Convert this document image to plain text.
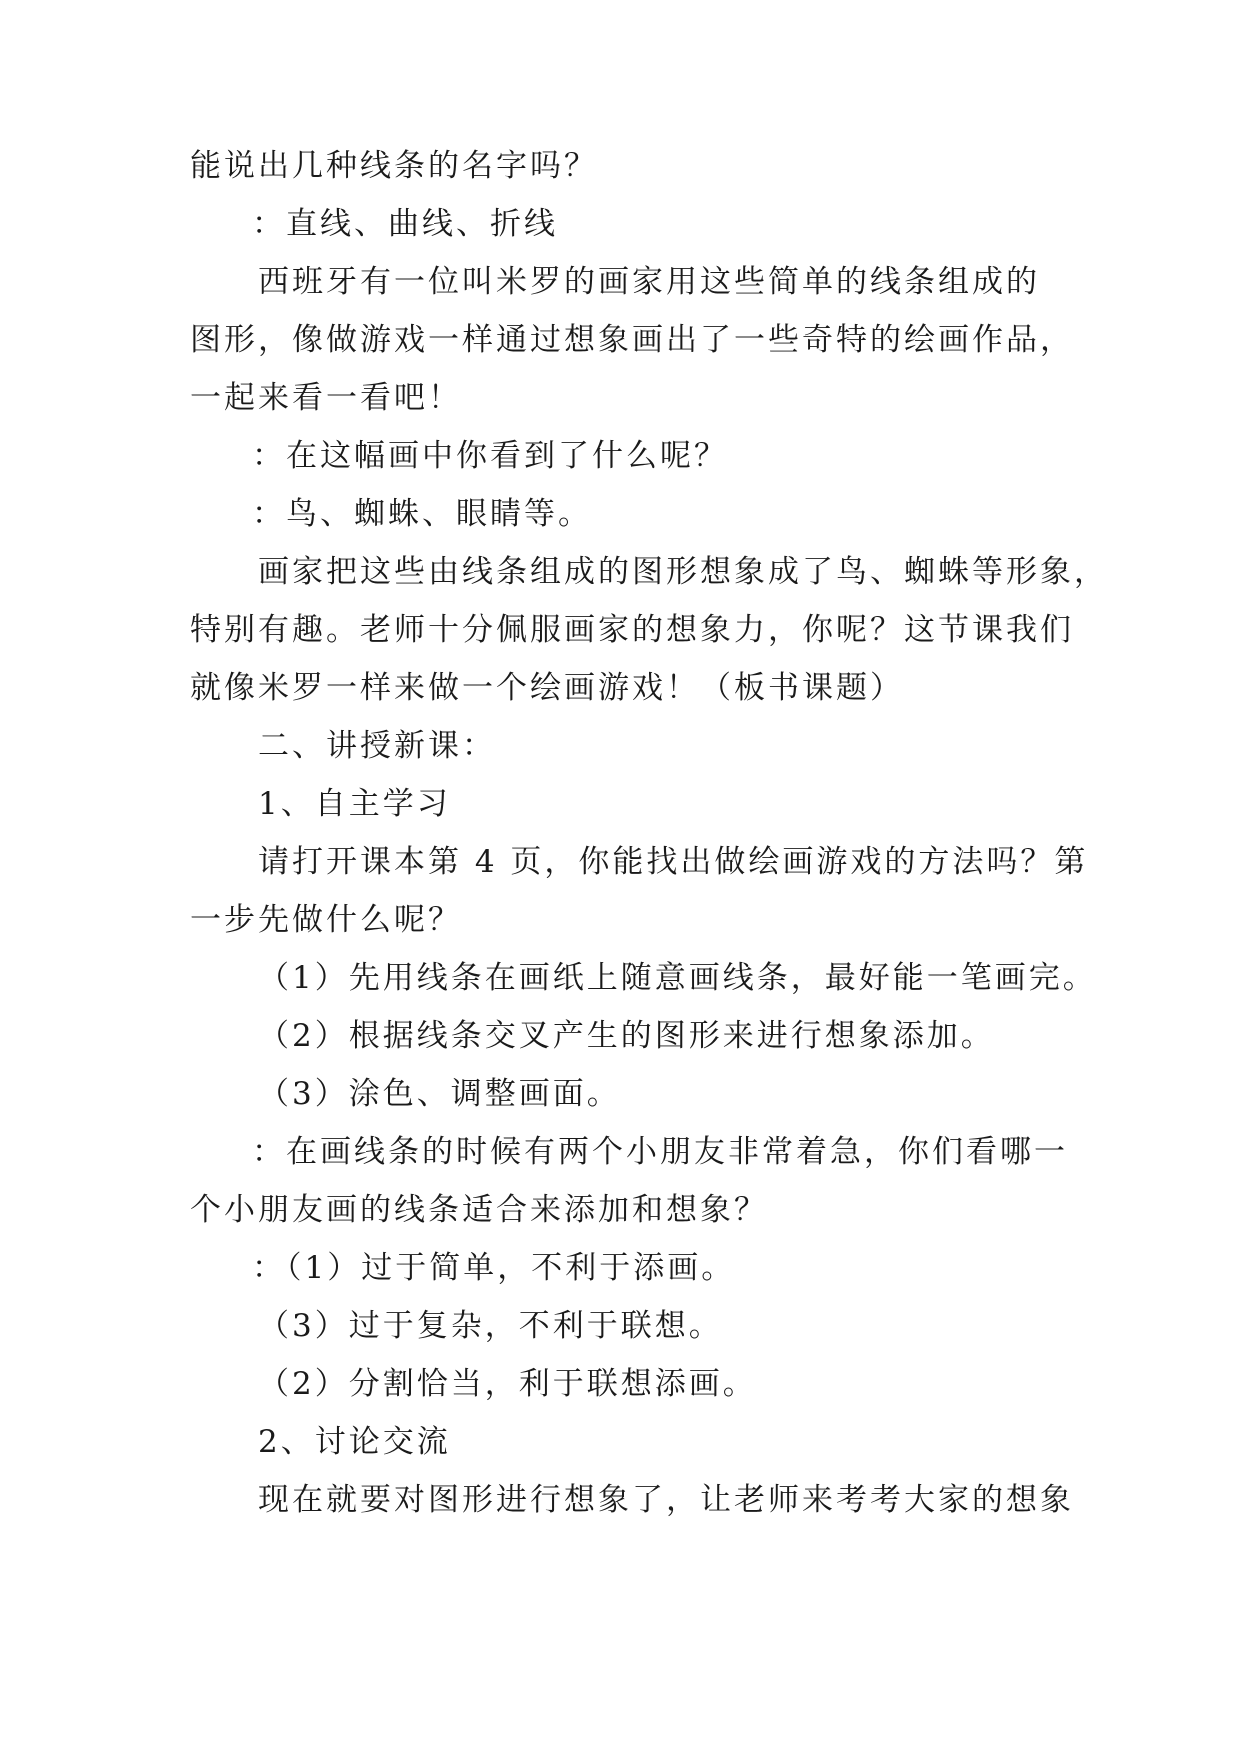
能说出几种线条的名字吗？
：直线、曲线、折线
西班牙有一位叫米罗的画家用这些简单的线条组成的
图形，像做游戏一样通过想象画出了一些奇特的绘画作品，
一起来看一看吧！
：在这幅画中你看到了什么呢？
：鸟、蜘蛛、眼睛等。
画家把这些由线条组成的图形想象成了鸟、蜘蛛等形象，
特别有趣。老师十分佩服画家的想象力，你呢？这节课我们
就像米罗一样来做一个绘画游戏！（板书课题）
二、讲授新课：
1、自主学习
请打开课本第 4 页，你能找出做绘画游戏的方法吗？第
一步先做什么呢？
（1）先用线条在画纸上随意画线条，最好能一笔画完。
（2）根据线条交叉产生的图形来进行想象添加。
（3）涂色、调整画面。
：在画线条的时候有两个小朋友非常着急，你们看哪一
个小朋友画的线条适合来添加和想象？
：（1）过于简单，不利于添画。
（3）过于复杂，不利于联想。
（2）分割恰当，利于联想添画。
2、讨论交流
现在就要对图形进行想象了，让老师来考考大家的想象
